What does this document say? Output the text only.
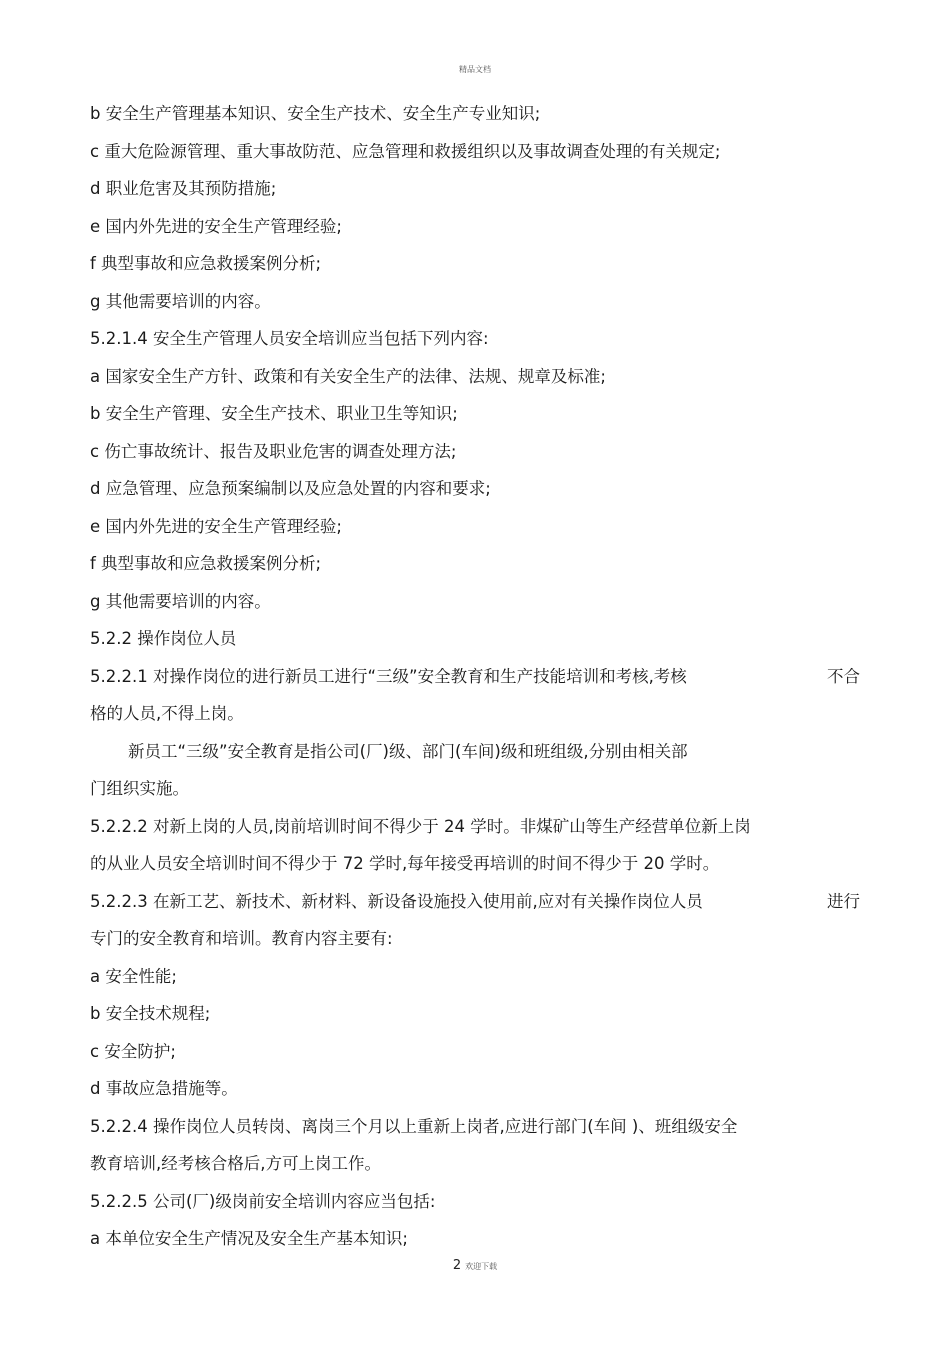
精品文档
b 安全生产管理基本知识、安全生产技术、安全生产专业知识;
c 重大危险源管理、重大事故防范、应急管理和救援组织以及事故调查处理的有关规定;
d 职业危害及其预防措施;
e 国内外先进的安全生产管理经验;
f 典型事故和应急救援案例分析;
g 其他需要培训的内容。
5.2.1.4 安全生产管理人员安全培训应当包括下列内容:
a 国家安全生产方针、政策和有关安全生产的法律、法规、规章及标准;
b 安全生产管理、安全生产技术、职业卫生等知识;
c 伤亡事故统计、报告及职业危害的调查处理方法;
d 应急管理、应急预案编制以及应急处置的内容和要求;
e 国内外先进的安全生产管理经验;
f 典型事故和应急救援案例分析;
g 其他需要培训的内容。
5.2.2 操作岗位人员
5.2.2.1 对操作岗位的进行新员工进行“三级”安全教育和生产技能培训和考核,考核	不合
格的人员,不得上岗。
新员工“三级”安全教育是指公司(厂)级、部门(车间)级和班组级,分别由相关部
门组织实施。
5.2.2.2 对新上岗的人员,岗前培训时间不得少于 24 学时。非煤矿山等生产经营单位新上岗
的从业人员安全培训时间不得少于 72 学时,每年接受再培训的时间不得少于 20 学时。
5.2.2.3 在新工艺、新技术、新材料、新设备设施投入使用前,应对有关操作岗位人员	进行
专门的安全教育和培训。教育内容主要有:
a 安全性能;
b 安全技术规程;
c 安全防护;
d 事故应急措施等。
5.2.2.4 操作岗位人员转岗、离岗三个月以上重新上岗者,应进行部门(车间 )、班组级安全
教育培训,经考核合格后,方可上岗工作。
5.2.2.5 公司(厂)级岗前安全培训内容应当包括:
a 本单位安全生产情况及安全生产基本知识;
2 欢迎下载
